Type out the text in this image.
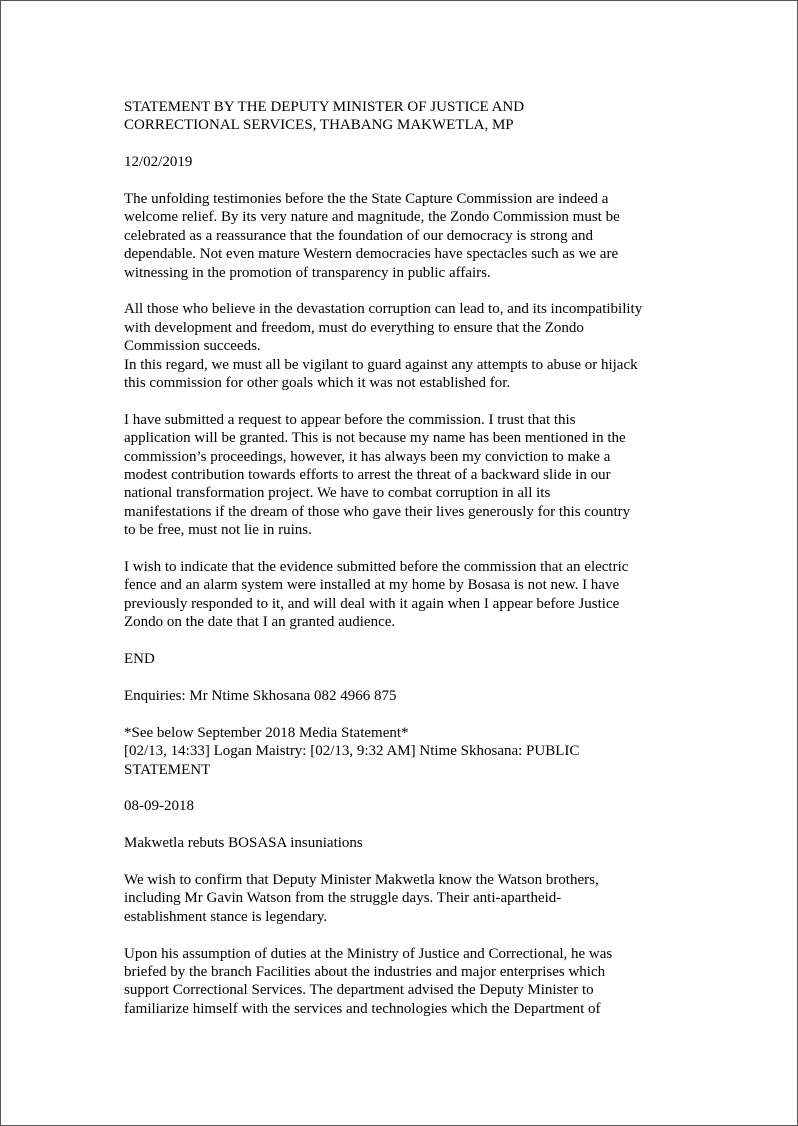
STATEMENT BY THE DEPUTY MINISTER OF JUSTICE AND
CORRECTIONAL SERVICES, THABANG MAKWETLA, MP
12/02/2019
The unfolding testimonies before the the State Capture Commission are indeed a
welcome relief. By its very nature and magnitude, the Zondo Commission must be
celebrated as a reassurance that the foundation of our democracy is strong and
dependable. Not even mature Western democracies have spectacles such as we are
witnessing in the promotion of transparency in public affairs.
All those who believe in the devastation corruption can lead to, and its incompatibility
with development and freedom, must do everything to ensure that the Zondo
Commission succeeds.
In this regard, we must all be vigilant to guard against any attempts to abuse or hijack
this commission for other goals which it was not established for.
I have submitted a request to appear before the commission. I trust that this
application will be granted. This is not because my name has been mentioned in the
commission’s proceedings, however, it has always been my conviction to make a
modest contribution towards efforts to arrest the threat of a backward slide in our
national transformation project. We have to combat corruption in all its
manifestations if the dream of those who gave their lives generously for this country
to be free, must not lie in ruins.
I wish to indicate that the evidence submitted before the commission that an electric
fence and an alarm system were installed at my home by Bosasa is not new. I have
previously responded to it, and will deal with it again when I appear before Justice
Zondo on the date that I an granted audience.
END
Enquiries: Mr Ntime Skhosana 082 4966 875
*See below September 2018 Media Statement*
[02/13, 14:33] Logan Maistry: [02/13, 9:32 AM] Ntime Skhosana: PUBLIC
STATEMENT
08-09-2018
Makwetla rebuts BOSASA insuniations
We wish to confirm that Deputy Minister Makwetla know the Watson brothers,
including Mr Gavin Watson from the struggle days. Their anti-apartheid-
establishment stance is legendary.
Upon his assumption of duties at the Ministry of Justice and Correctional, he was
briefed by the branch Facilities about the industries and major enterprises which
support Correctional Services. The department advised the Deputy Minister to
familiarize himself with the services and technologies which the Department of
